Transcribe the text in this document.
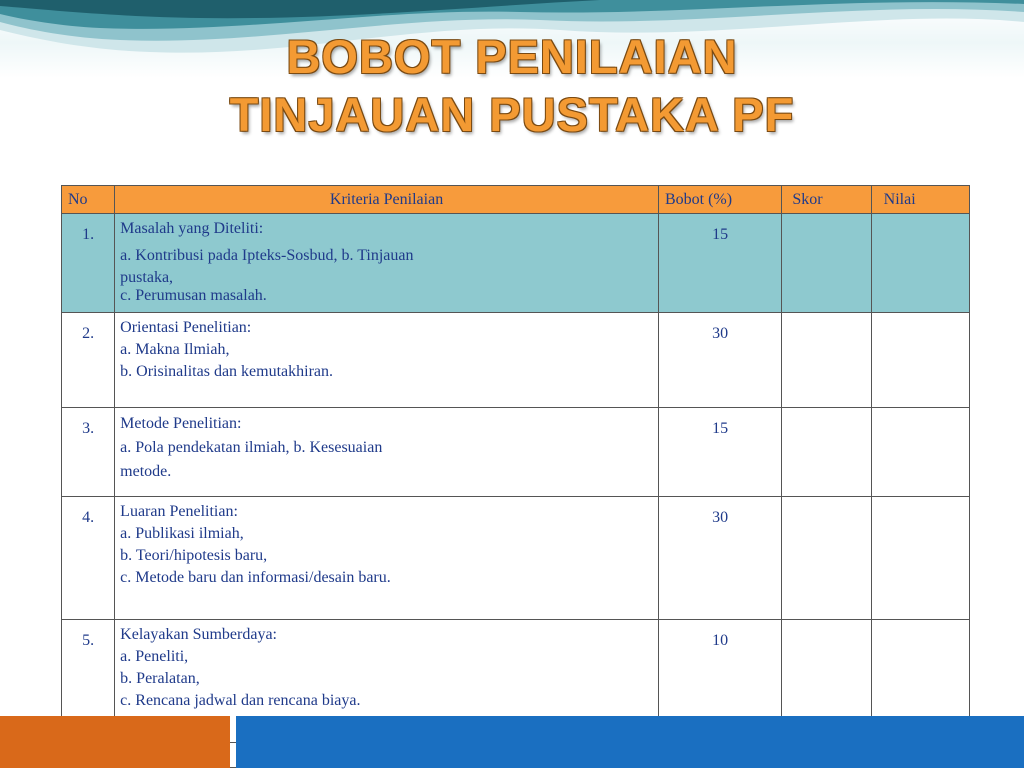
BOBOT PENILAIAN
TINJAUAN PUSTAKA PF
No	Kriteria Penilaian	Bobot (%)	Skor	Nilai
1.	Masalah yang Diteliti:
a. Kontribusi pada Ipteks-Sosbud, b. Tinjauan
pustaka,
c. Perumusan masalah.	15		
2.	Orientasi Penelitian:
a. Makna Ilmiah,
b. Orisinalitas dan kemutakhiran.	30		
3.	Metode Penelitian:
a. Pola pendekatan ilmiah, b. Kesesuaian
metode.	15		
4.	Luaran Penelitian:
a. Publikasi ilmiah,
b. Teori/hipotesis baru,
c. Metode baru dan informasi/desain baru.	30		
5.	Kelayakan Sumberdaya:
a. Peneliti,
b. Peralatan,
c. Rencana jadwal dan rencana biaya.	10		
